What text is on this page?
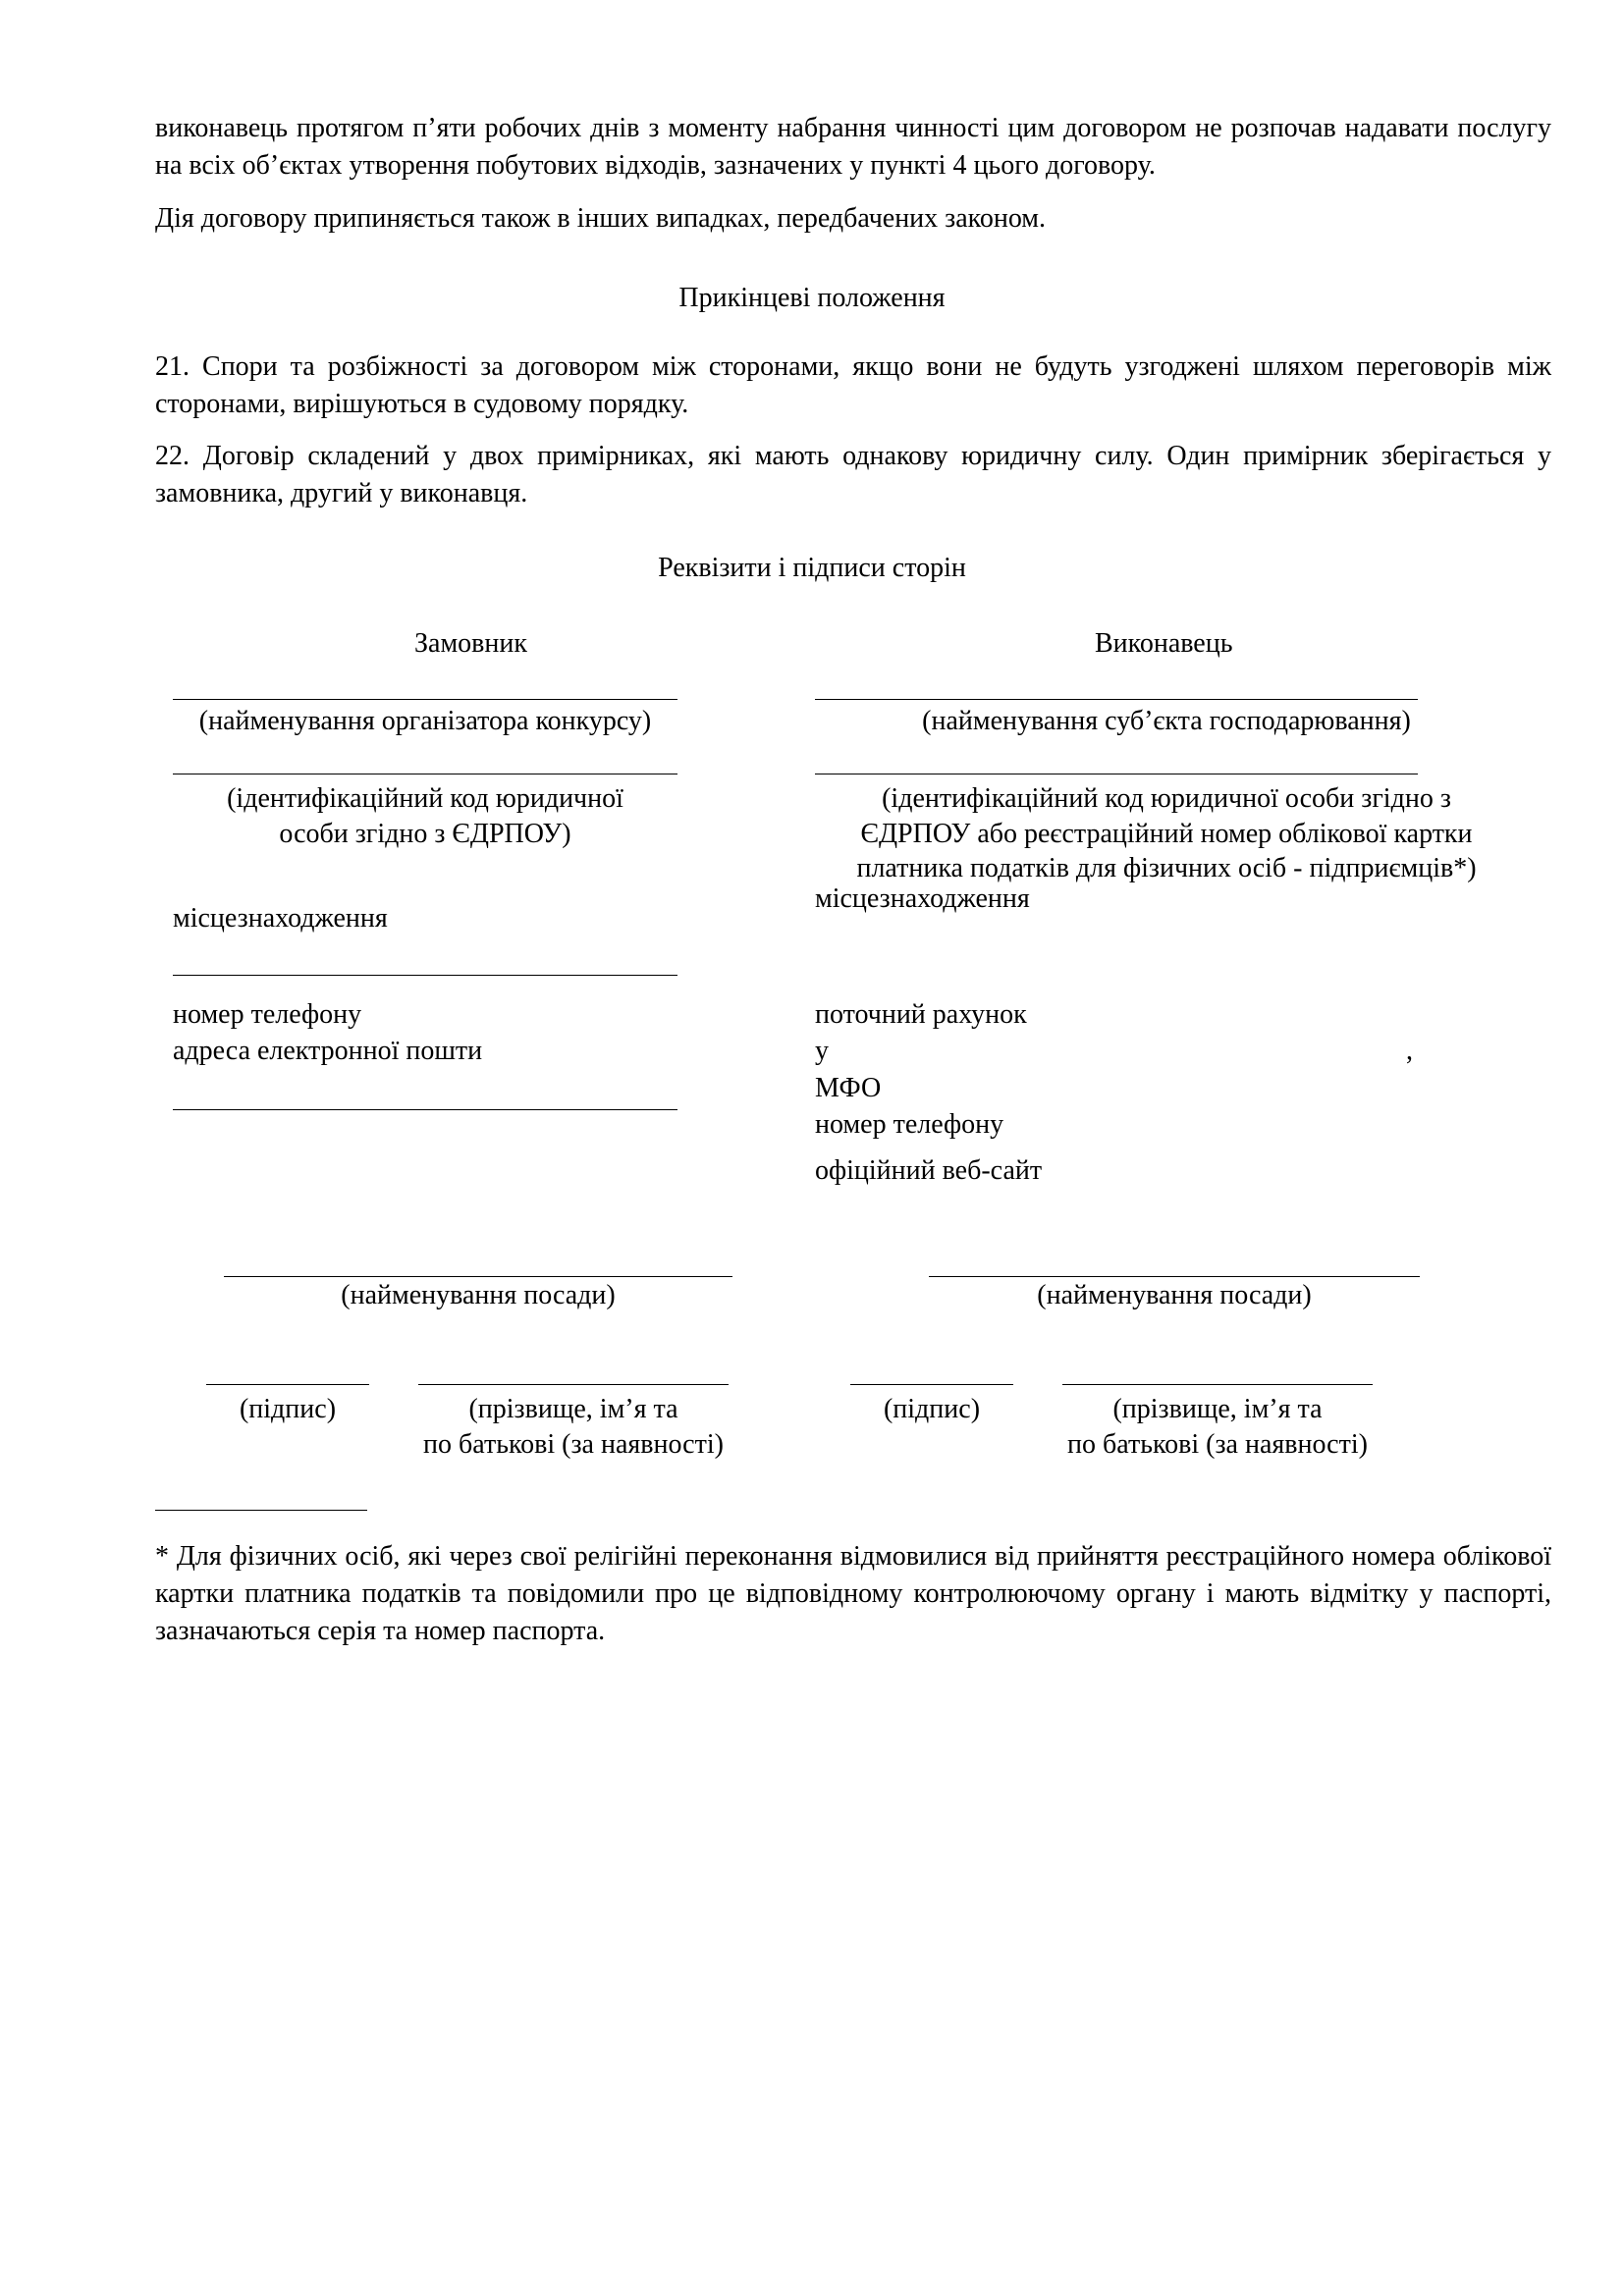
виконавець протягом п’яти робочих днів з моменту набрання чинності цим договором не розпочав надавати послугу на всіх об’єктах утворення побутових відходів, зазначених у пункті 4 цього договору.
Дія договору припиняється також в інших випадках, передбачених законом.
Прикінцеві положення
21. Спори та розбіжності за договором між сторонами, якщо вони не будуть узгоджені шляхом переговорів між сторонами, вирішуються в судовому порядку.
22. Договір складений у двох примірниках, які мають однакову юридичну силу. Один примірник зберігається у замовника, другий у виконавця.
Реквізити і підписи сторін
Замовник
(найменування організатора конкурсу)
(ідентифікаційний код юридичної
особи згідно з ЄДРПОУ)
місцезнаходження
номер телефону
адреса електронної пошти
Виконавець
(найменування суб’єкта господарювання)
(ідентифікаційний код юридичної особи згідно з
ЄДРПОУ або реєстраційний номер облікової картки
платника податків для фізичних осіб - підприємців*)
місцезнаходження
поточний рахунок
у	,
МФО
номер телефону
офіційний веб-сайт
(найменування посади)	(найменування посади)
(підпис)	(прізвище, ім’я та
по батькові (за наявності)
(підпис)	(прізвище, ім’я та
по батькові (за наявності)
* Для фізичних осіб, які через свої релігійні переконання відмовилися від прийняття реєстраційного номера облікової картки платника податків та повідомили про це відповідному контролюючому органу і мають відмітку у паспорті, зазначаються серія та номер паспорта.
